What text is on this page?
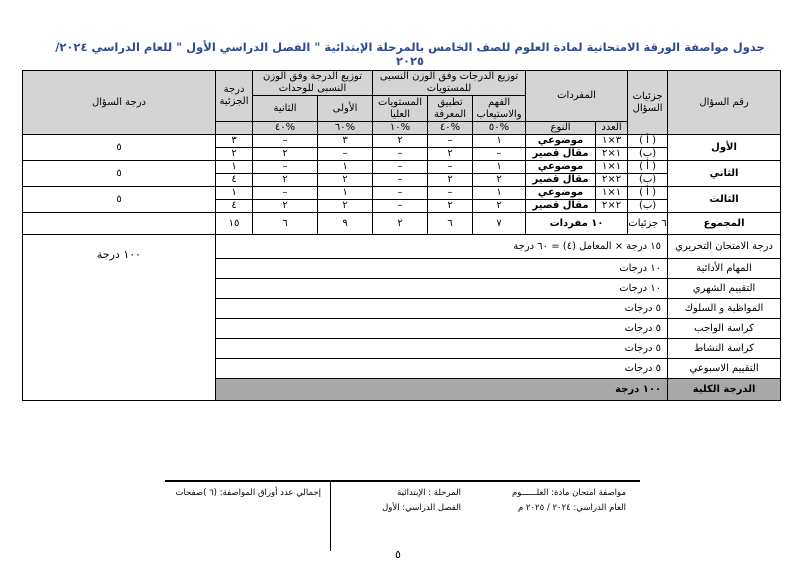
جدول مواصفة الورقة الامتحانية لمادة العلوم للصف الخامس بالمرحلة الإبتدائية " الفصل الدراسي الأول " للعام الدراسي ٢٠٢٤/ ٢٠٢٥
رقم السؤال	جزئيات السؤال	المفردات		توزيع الدرجات وفق الوزن النسبى للمستويات			توزيع الدرجة وفق الوزن النسبى للوحدات		درجة الجزئية	درجة السؤال
				الفهم والاستيعاب	تطبيق المعرفة	المستويات العليا	الأولى	الثانية		
		العدد	النوع	%٥٠	%٤٠	%١٠	%٦٠	%٤٠		
الأول	( أ )	٣×١	موضوعي	١	–	٢	٣	–	٣	٥
	(ب)	١×٢	مقال قصير	–	٢	–	–	٢	٢	
الثاني	( أ )	١×١	موضوعي	١	–	–	١	–	١	٥
	(ب)	٢×٢	مقال قصير	٢	٢	–	٢	٢	٤	
الثالث	( أ )	١×١	موضوعي	١	–	–	١	–	١	٥
	(ب)	٢×٢	مقال قصير	٢	٢	–	٢	٢	٤	
المجموع	٦ جزئيات	١٠ مفردات		٧	٦	٢	٩	٦	١٥	
درجة الامتحان التحريري	١٥ درجة × المعامل (٤) = ٦٠ درجة									١٠٠ درجة
المهام الأدائية	١٠ درجات									
التقييم الشهري	١٠ درجات									
المواظبة و السلوك	٥ درجات									
كراسة الواجب	٥ درجات									
كراسة النشاط	٥ درجات									
التقييم الاسبوعي	٥ درجات									
الدرجة الكلية	١٠٠ درجة									
مواصفة امتحان مادة: العلــــــوم
العام الدراسي: ٢٠٢٤ / ٢٠٢٥ م
المرحلة : الإبتدائية
الفصل الدراسي: الأول
إجمالي عدد أوراق المواصفة: (٦ )صفحات
٥
